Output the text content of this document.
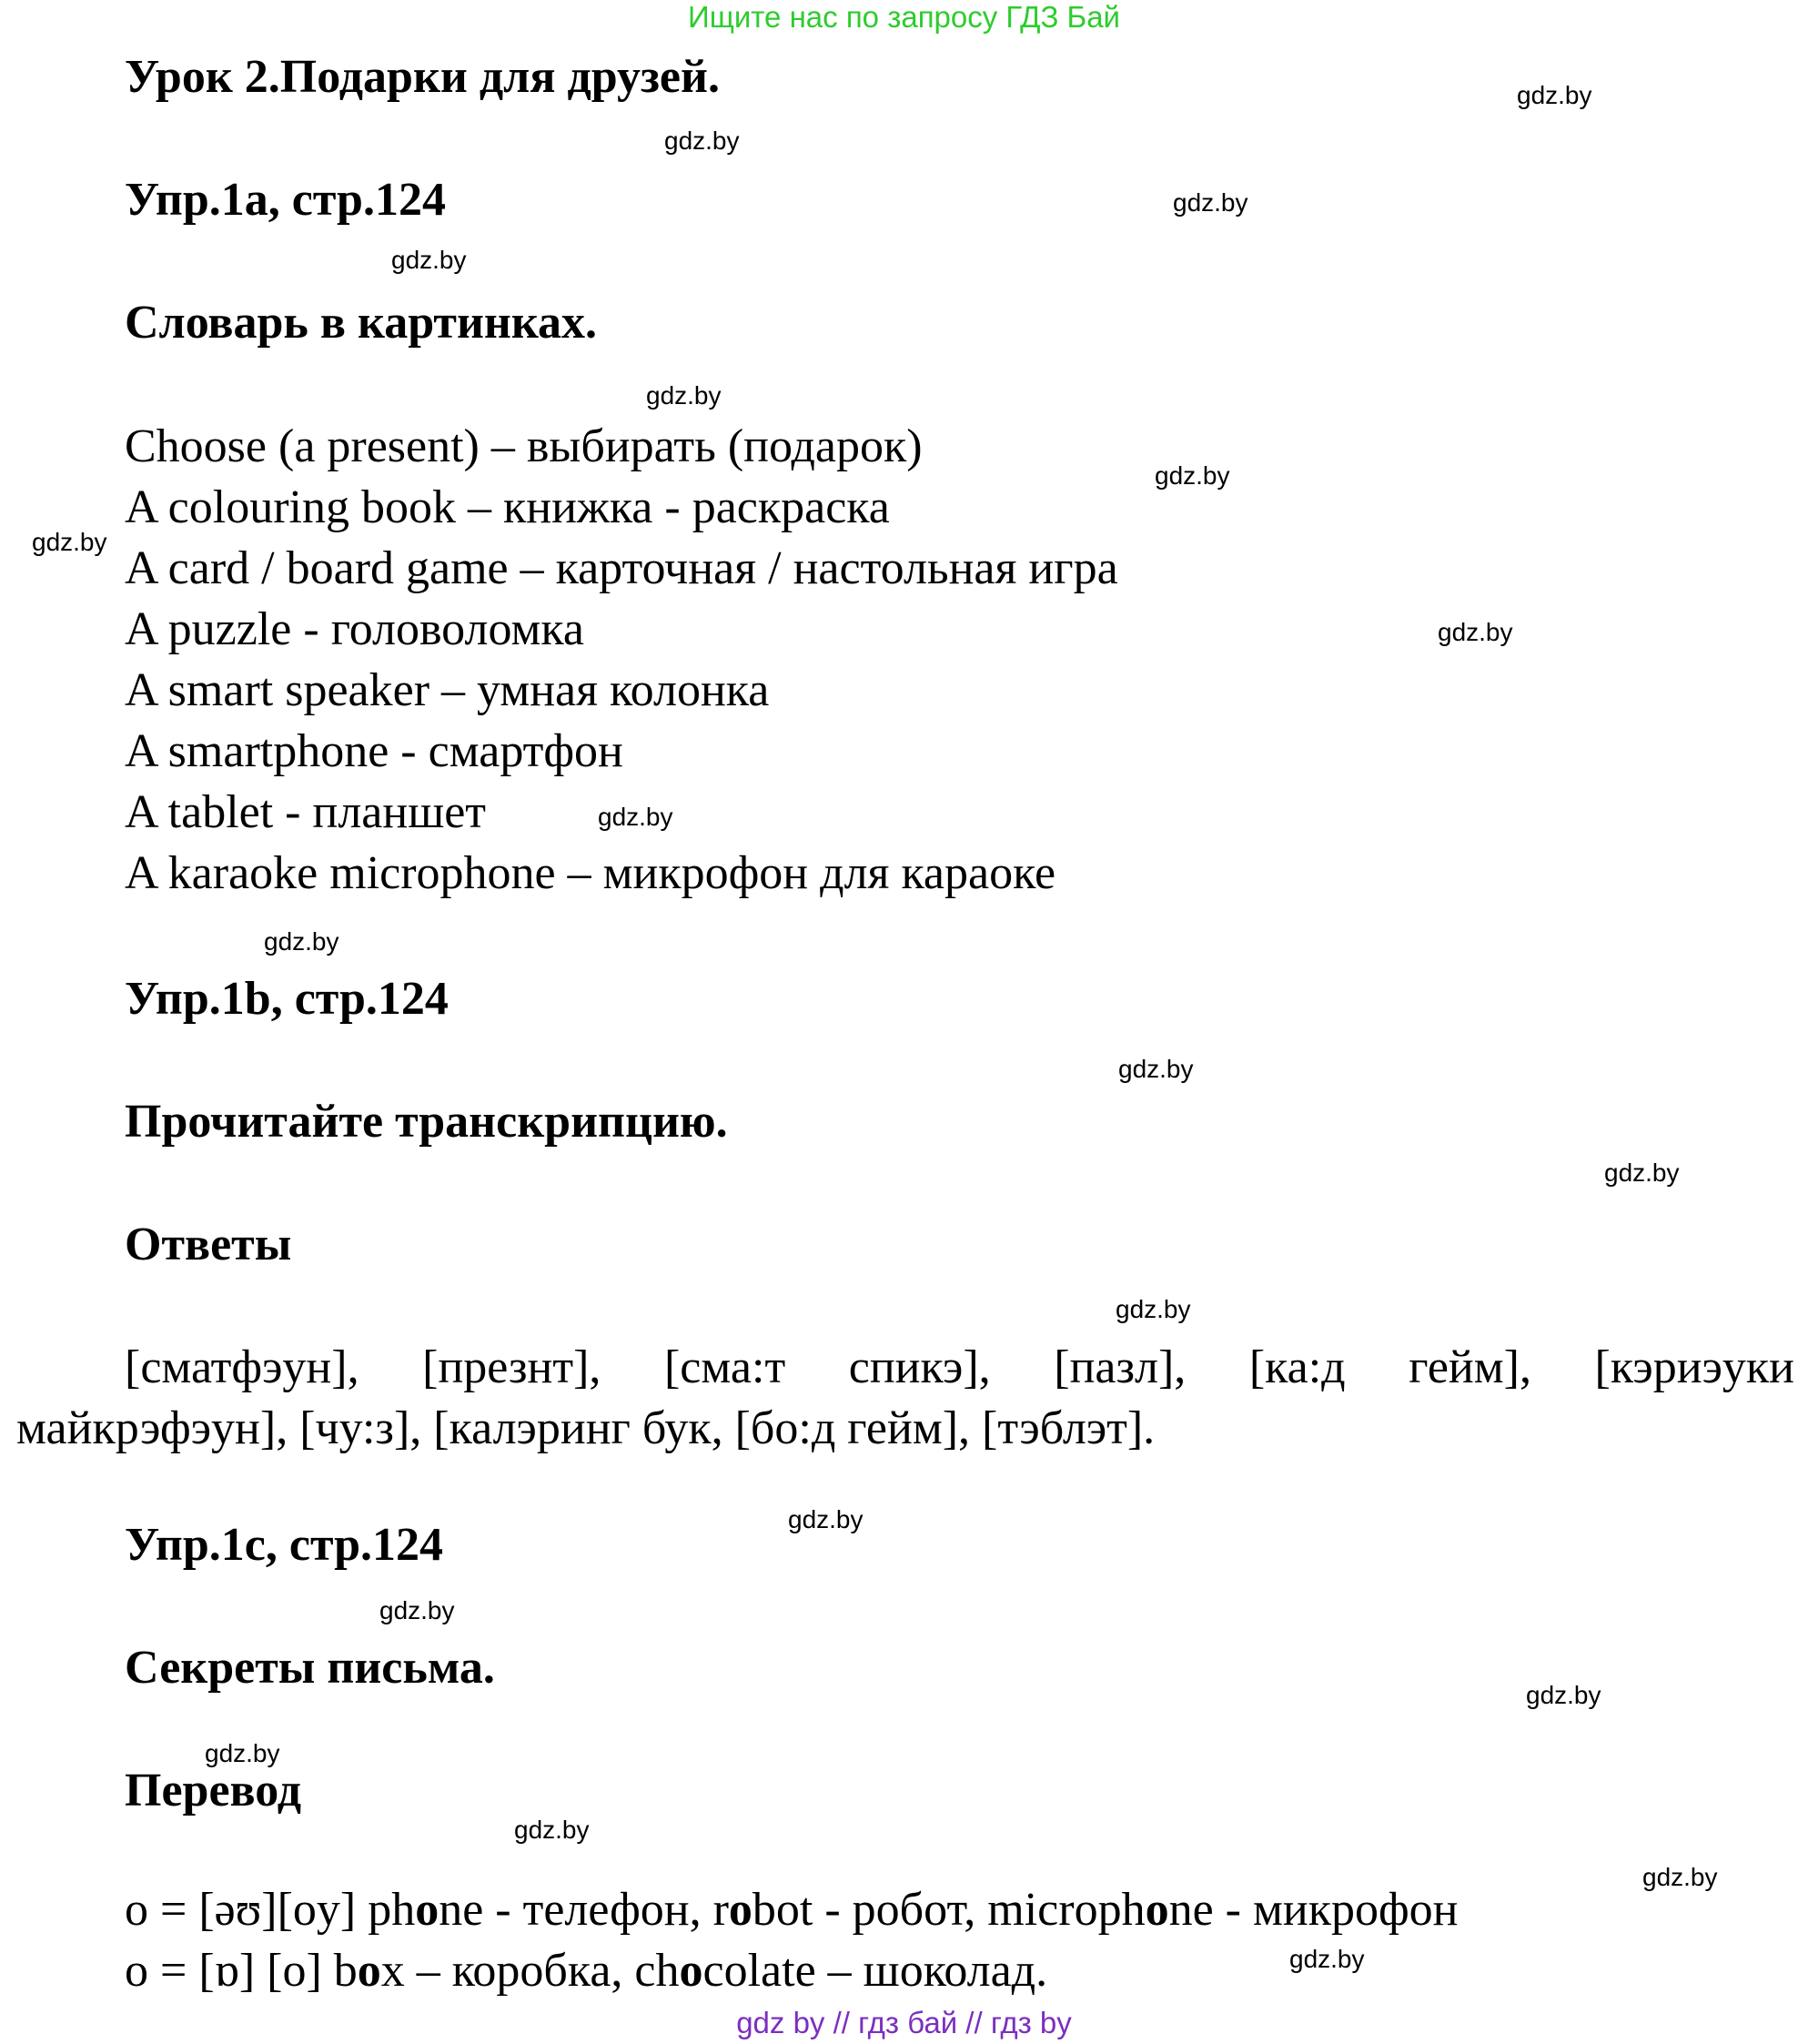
Ищите нас по запросу ГДЗ Бай
Урок 2.Подарки для друзей.
Упр.1a, стр.124
Словарь в картинках.
Choose (a present) – выбирать (подарок)
A colouring book – книжка - раскраска
A card / board game – карточная / настольная игра
A puzzle - головоломка
A smart speaker – умная колонка
A smartphone - смартфон
A tablet - планшет
A karaoke microphone – микрофон для караоке
Упр.1b, стр.124
Прочитайте транскрипцию.
Ответы
[сматфэун], [презнт], [сма:т спикэ], [пазл], [ка:д гейм], [кэриэуки
майкрэфэун], [чу:з], [калэринг бук, [бо:д гейм], [тэблэт].
Упр.1c, стр.124
Секреты письма.
Перевод
o = [əʊ][oy] phone - телефон, robot - робот, microphone - микрофон
o = [ɒ] [o] box – коробка, chocolate – шоколад.
gdz.by
gdz.by
gdz.by
gdz.by
gdz.by
gdz.by
gdz.by
gdz.by
gdz.by
gdz.by
gdz.by
gdz.by
gdz.by
gdz.by
gdz.by
gdz.by
gdz.by
gdz.by
gdz.by
gdz.by
gdz by // гдз бай // гдз by
